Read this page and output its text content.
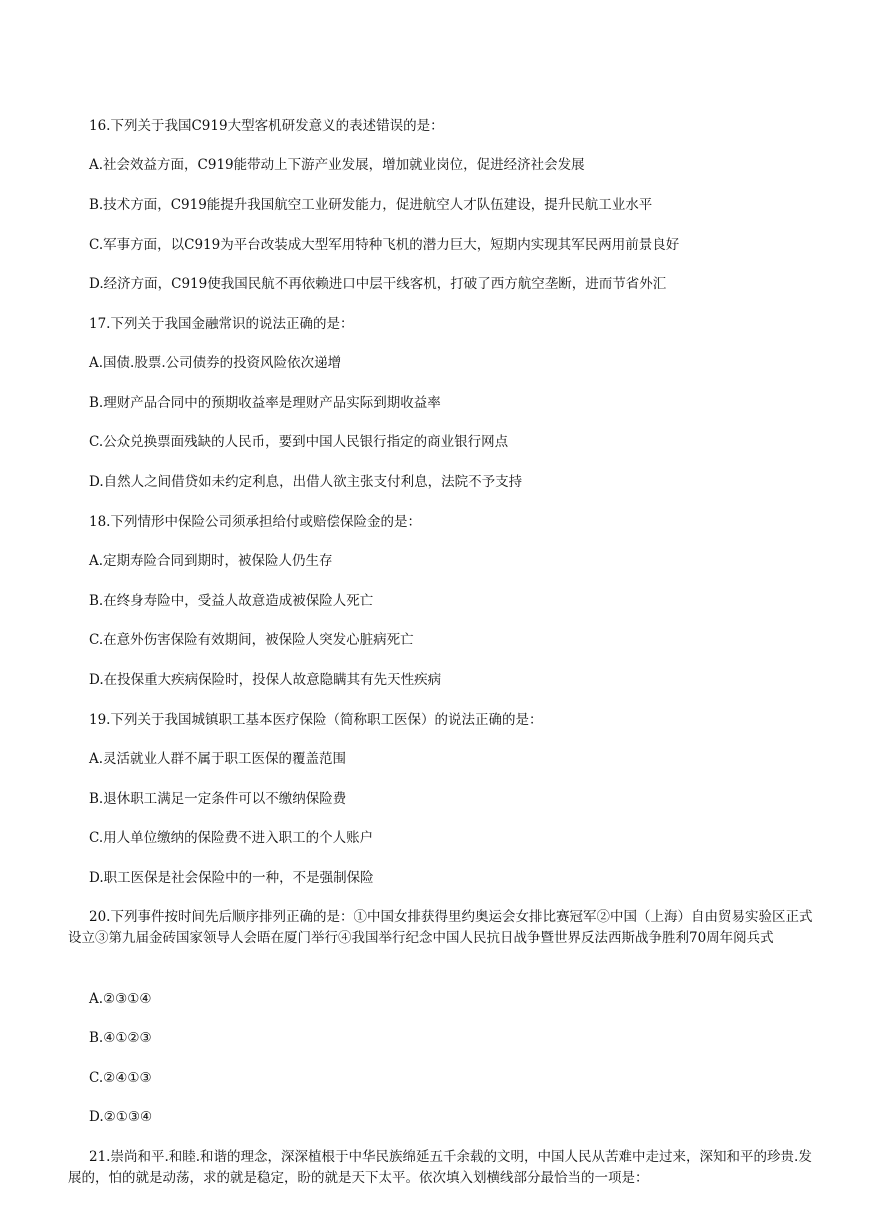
16.下列关于我国C919大型客机研发意义的表述错误的是：
A.社会效益方面，C919能带动上下游产业发展，增加就业岗位，促进经济社会发展
B.技术方面，C919能提升我国航空工业研发能力，促进航空人才队伍建设，提升民航工业水平
C.军事方面，以C919为平台改装成大型军用特种飞机的潜力巨大，短期内实现其军民两用前景良好
D.经济方面，C919使我国民航不再依赖进口中层干线客机，打破了西方航空垄断，进而节省外汇
17.下列关于我国金融常识的说法正确的是：
A.国债.股票.公司债券的投资风险依次递增
B.理财产品合同中的预期收益率是理财产品实际到期收益率
C.公众兑换票面残缺的人民币，要到中国人民银行指定的商业银行网点
D.自然人之间借贷如未约定利息，出借人欲主张支付利息，法院不予支持
18.下列情形中保险公司须承担给付或赔偿保险金的是：
A.定期寿险合同到期时，被保险人仍生存
B.在终身寿险中，受益人故意造成被保险人死亡
C.在意外伤害保险有效期间，被保险人突发心脏病死亡
D.在投保重大疾病保险时，投保人故意隐瞒其有先天性疾病
19.下列关于我国城镇职工基本医疗保险（简称职工医保）的说法正确的是：
A.灵活就业人群不属于职工医保的覆盖范围
B.退休职工满足一定条件可以不缴纳保险费
C.用人单位缴纳的保险费不进入职工的个人账户
D.职工医保是社会保险中的一种，不是强制保险
20.下列事件按时间先后顺序排列正确的是：①中国女排获得里约奥运会女排比赛冠军②中国（上海）自由贸易实验区正式设立③第九届金砖国家领导人会晤在厦门举行④我国举行纪念中国人民抗日战争暨世界反法西斯战争胜利70周年阅兵式
A.②③①④
B.④①②③
C.②④①③
D.②①③④
21.崇尚和平.和睦.和谐的理念，深深植根于中华民族绵延五千余载的文明，中国人民从苦难中走过来，深知和平的珍贵.发展的，怕的就是动荡，求的就是稳定，盼的就是天下太平。依次填入划横线部分最恰当的一项是：
